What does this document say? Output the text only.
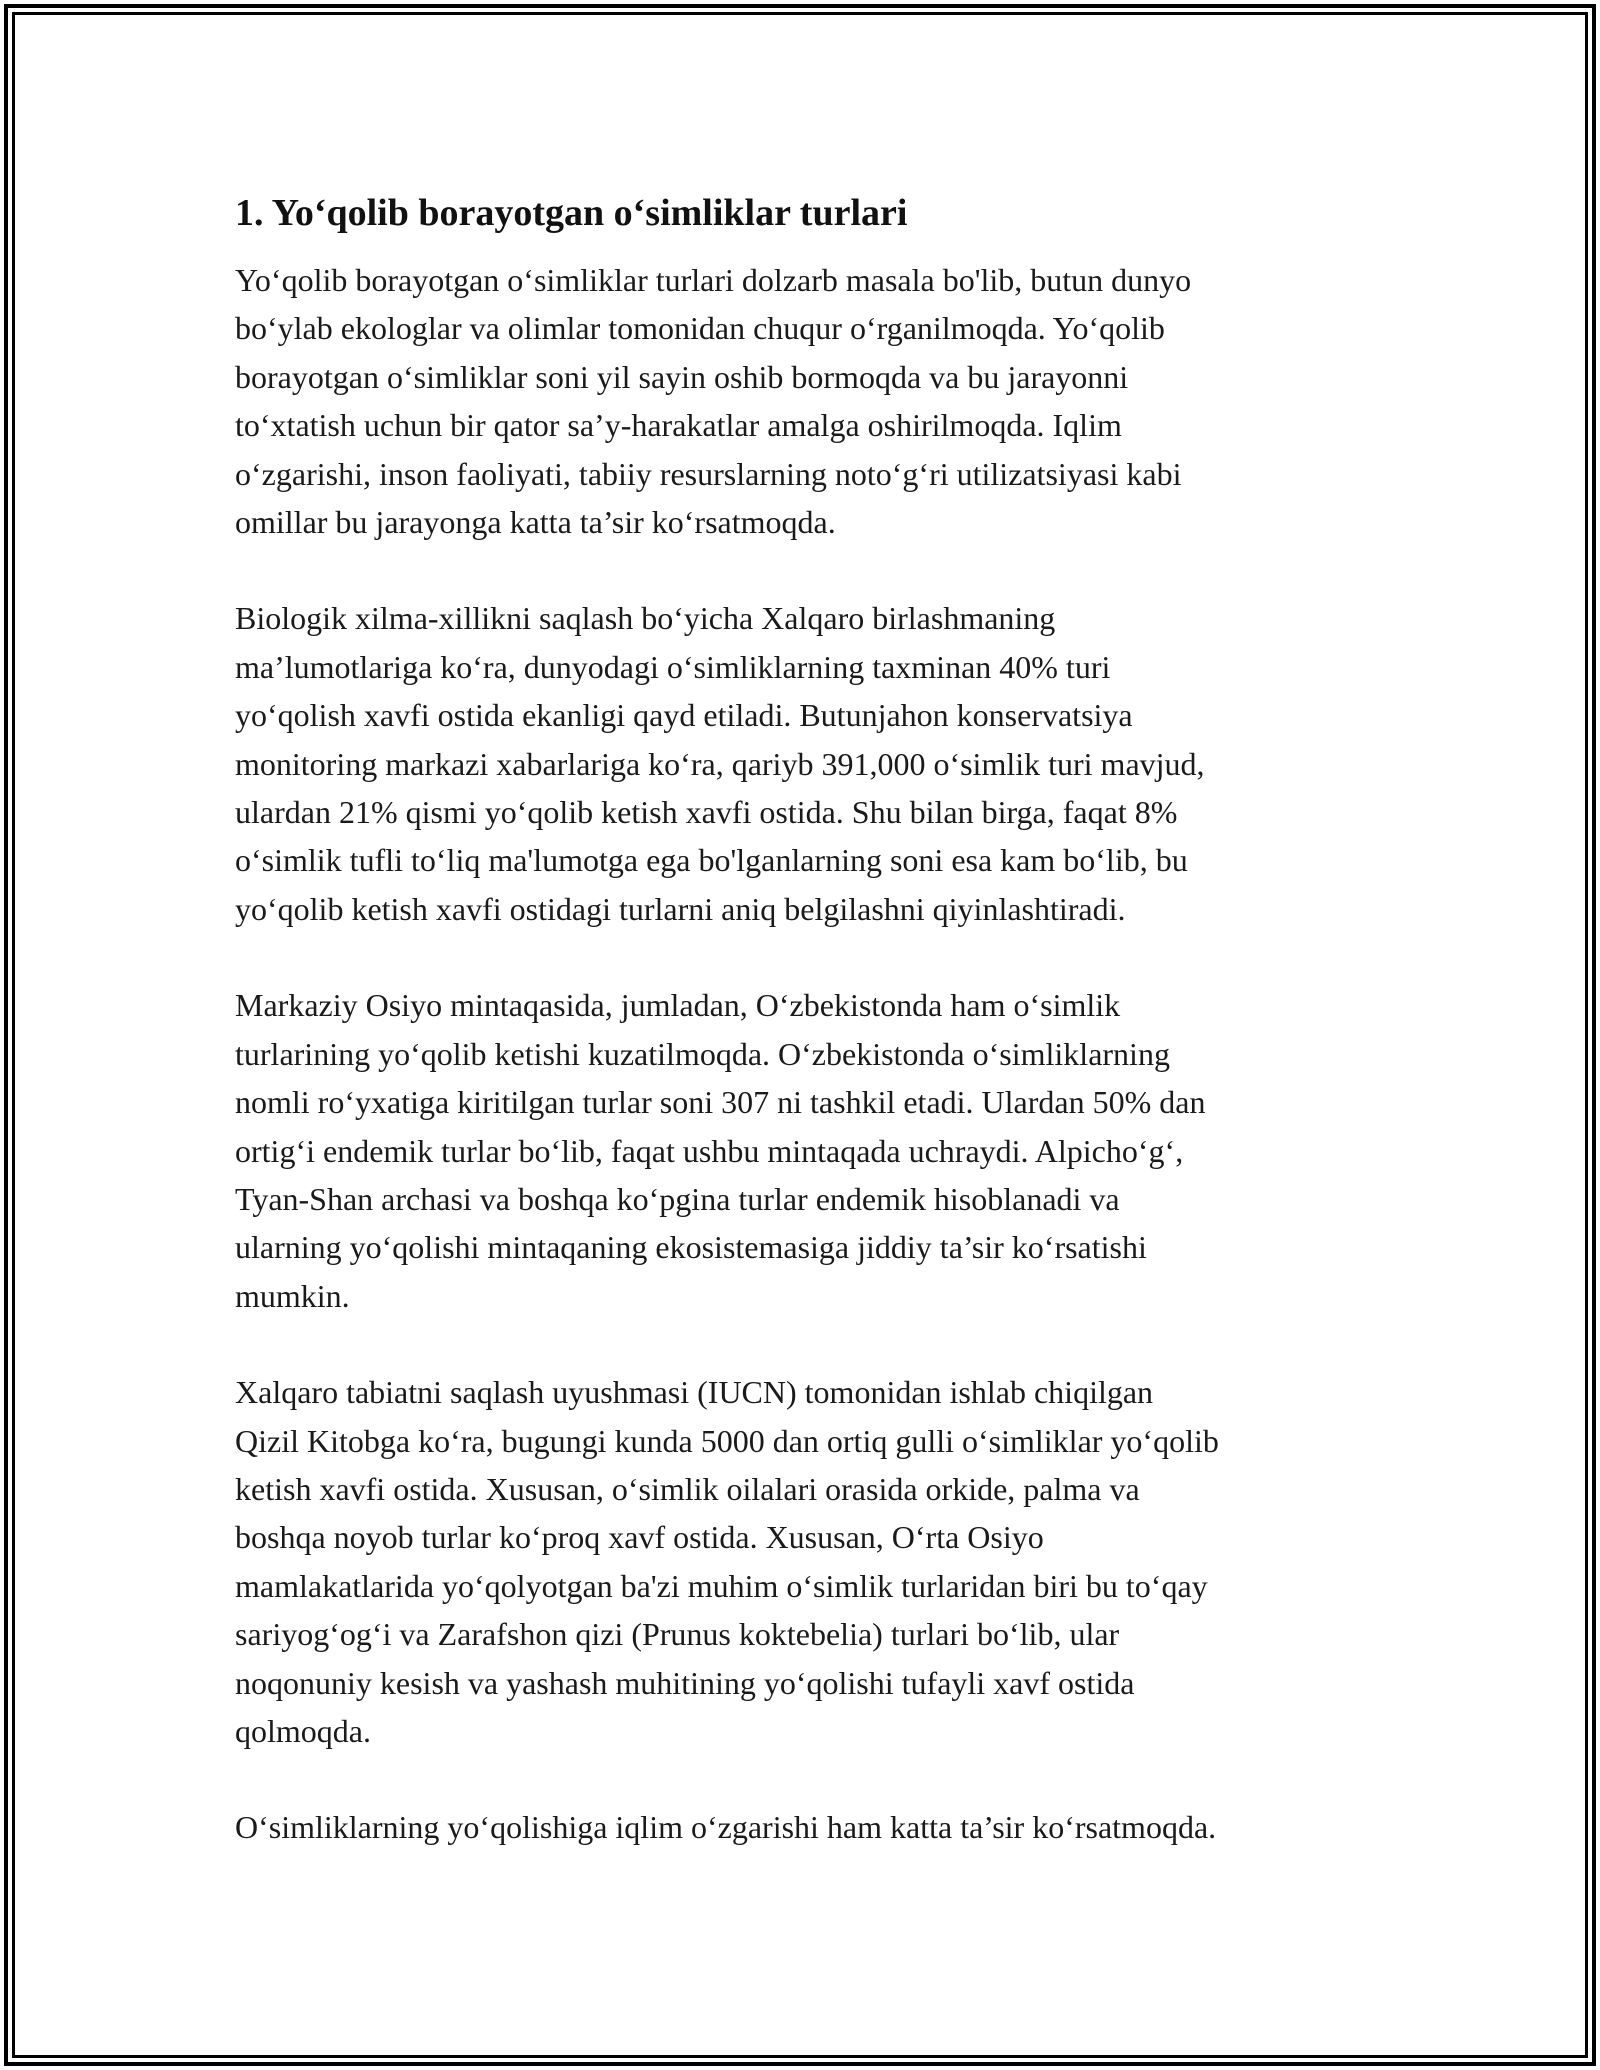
1. Yo‘qolib borayotgan o‘simliklar turlari

Yo‘qolib borayotgan o‘simliklar turlari dolzarb masala bo'lib, butun dunyo
bo‘ylab ekologlar va olimlar tomonidan chuqur o‘rganilmoqda. Yo‘qolib
borayotgan o‘simliklar soni yil sayin oshib bormoqda va bu jarayonni
to‘xtatish uchun bir qator sa’y-harakatlar amalga oshirilmoqda. Iqlim
o‘zgarishi, inson faoliyati, tabiiy resurslarning noto‘g‘ri utilizatsiyasi kabi
omillar bu jarayonga katta ta’sir ko‘rsatmoqda.

Biologik xilma-xillikni saqlash bo‘yicha Xalqaro birlashmaning
ma’lumotlariga ko‘ra, dunyodagi o‘simliklarning taxminan 40% turi
yo‘qolish xavfi ostida ekanligi qayd etiladi. Butunjahon konservatsiya
monitoring markazi xabarlariga ko‘ra, qariyb 391,000 o‘simlik turi mavjud,
ulardan 21% qismi yo‘qolib ketish xavfi ostida. Shu bilan birga, faqat 8%
o‘simlik tufli to‘liq ma'lumotga ega bo'lganlarning soni esa kam bo‘lib, bu
yo‘qolib ketish xavfi ostidagi turlarni aniq belgilashni qiyinlashtiradi.

Markaziy Osiyo mintaqasida, jumladan, O‘zbekistonda ham o‘simlik
turlarining yo‘qolib ketishi kuzatilmoqda. O‘zbekistonda o‘simliklarning
nomli ro‘yxatiga kiritilgan turlar soni 307 ni tashkil etadi. Ulardan 50% dan
ortig‘i endemik turlar bo‘lib, faqat ushbu mintaqada uchraydi. Alpicho‘g‘,
Tyan-Shan archasi va boshqa ko‘pgina turlar endemik hisoblanadi va
ularning yo‘qolishi mintaqaning ekosistemasiga jiddiy ta’sir ko‘rsatishi
mumkin.

Xalqaro tabiatni saqlash uyushmasi (IUCN) tomonidan ishlab chiqilgan
Qizil Kitobga ko‘ra, bugungi kunda 5000 dan ortiq gulli o‘simliklar yo‘qolib
ketish xavfi ostida. Xususan, o‘simlik oilalari orasida orkide, palma va
boshqa noyob turlar ko‘proq xavf ostida. Xususan, O‘rta Osiyo
mamlakatlarida yo‘qolyotgan ba'zi muhim o‘simlik turlaridan biri bu to‘qay
sariyog‘og‘i va Zarafshon qizi (Prunus koktebelia) turlari bo‘lib, ular
noqonuniy kesish va yashash muhitining yo‘qolishi tufayli xavf ostida
qolmoqda.

O‘simliklarning yo‘qolishiga iqlim o‘zgarishi ham katta ta’sir ko‘rsatmoqda.
